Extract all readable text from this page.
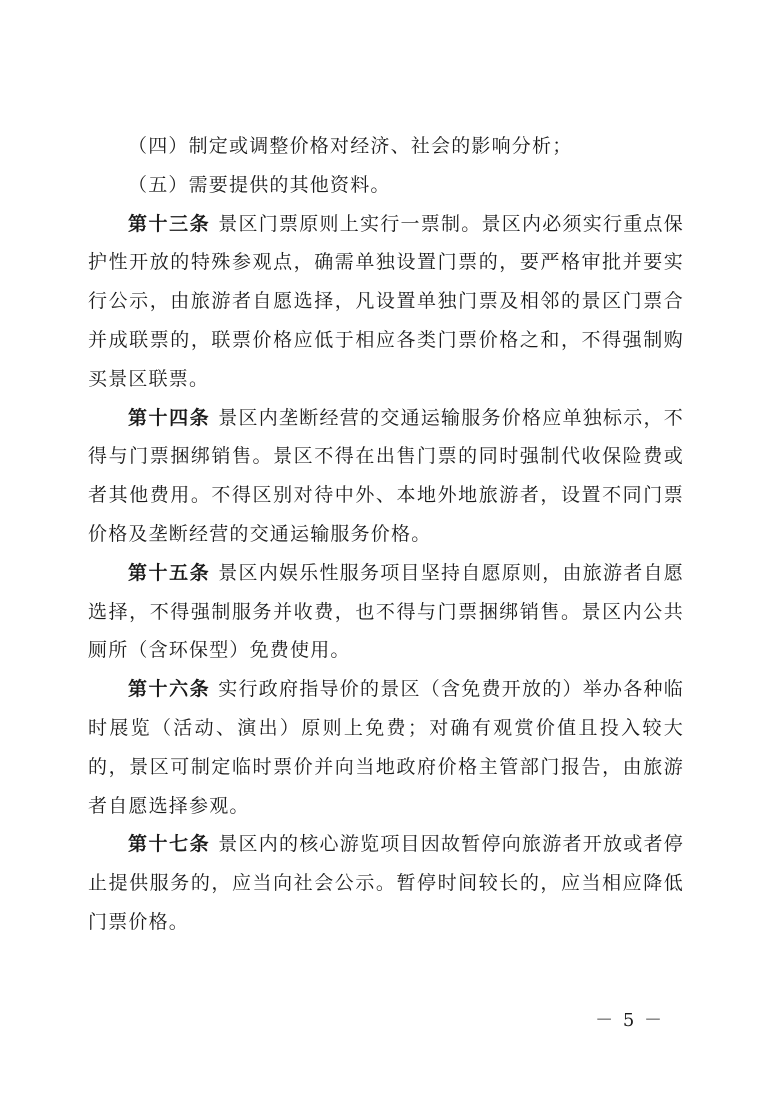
（四）制定或调整价格对经济、社会的影响分析；

（五）需要提供的其他资料。

第十三条 景区门票原则上实行一票制。景区内必须实行重点保护性开放的特殊参观点，确需单独设置门票的，要严格审批并要实行公示，由旅游者自愿选择，凡设置单独门票及相邻的景区门票合并成联票的，联票价格应低于相应各类门票价格之和，不得强制购买景区联票。

第十四条 景区内垄断经营的交通运输服务价格应单独标示，不得与门票捆绑销售。景区不得在出售门票的同时强制代收保险费或者其他费用。不得区别对待中外、本地外地旅游者，设置不同门票价格及垄断经营的交通运输服务价格。

第十五条 景区内娱乐性服务项目坚持自愿原则，由旅游者自愿选择，不得强制服务并收费，也不得与门票捆绑销售。景区内公共厕所（含环保型）免费使用。

第十六条 实行政府指导价的景区（含免费开放的）举办各种临时展览（活动、演出）原则上免费；对确有观赏价值且投入较大的，景区可制定临时票价并向当地政府价格主管部门报告，由旅游者自愿选择参观。

第十七条 景区内的核心游览项目因故暂停向旅游者开放或者停止提供服务的，应当向社会公示。暂停时间较长的，应当相应降低门票价格。

－ 5 －
